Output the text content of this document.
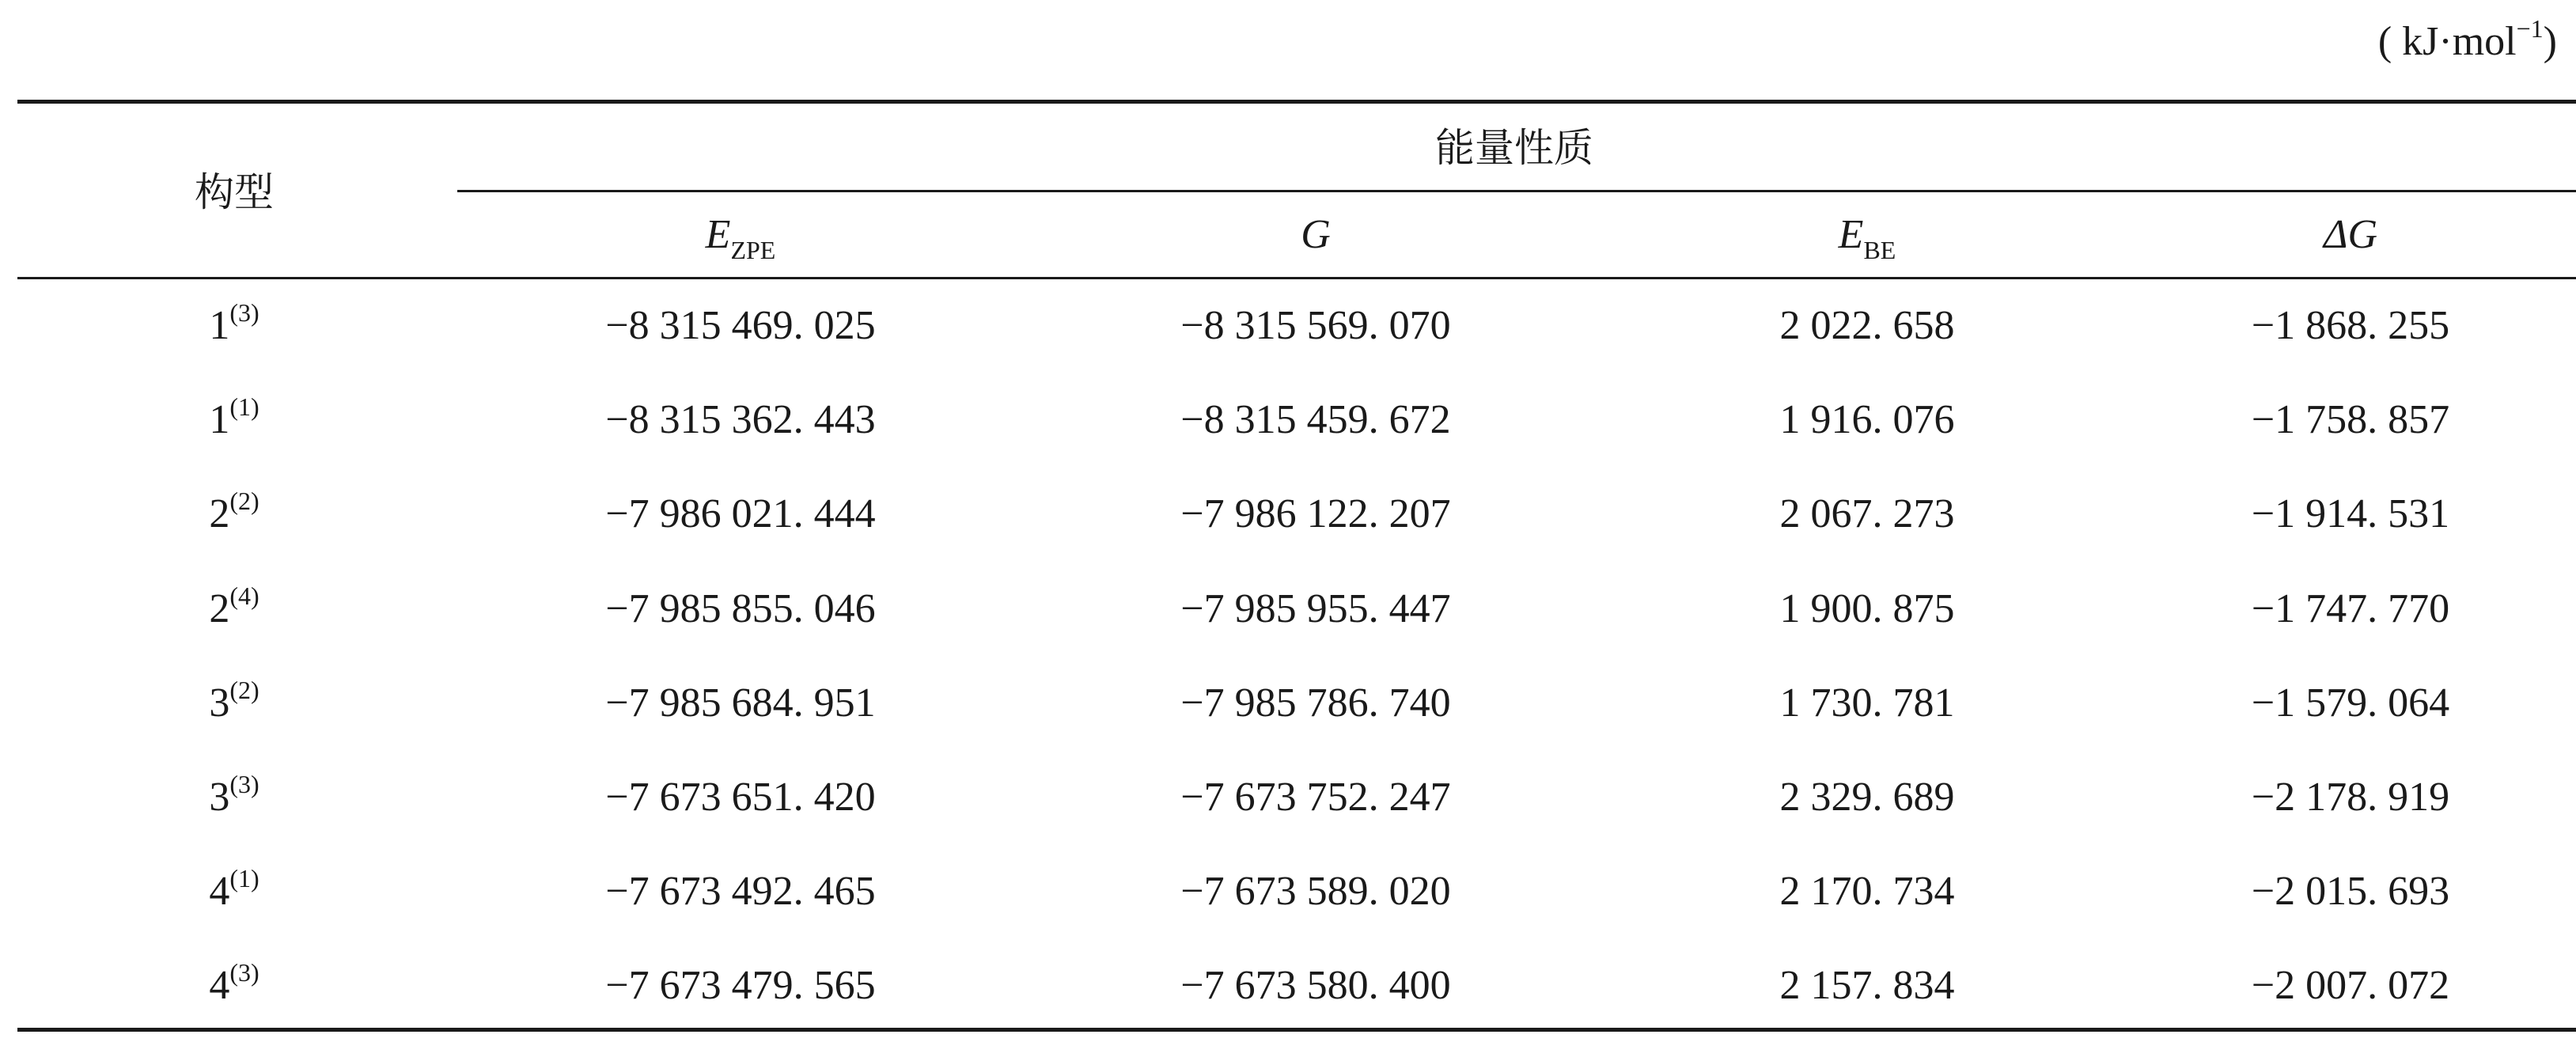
( kJ·mol$^{-1}$)
构型
能量性质
$E_{ZPE}$	G	$E_{BE}$	ΔG
$1^{(3)}$	−8 315 469. 025	−8 315 569. 070	2 022. 658	−1 868. 255
$1^{(1)}$	−8 315 362. 443	−8 315 459. 672	1 916. 076	−1 758. 857
$2^{(2)}$	−7 986 021. 444	−7 986 122. 207	2 067. 273	−1 914. 531
$2^{(4)}$	−7 985 855. 046	−7 985 955. 447	1 900. 875	−1 747. 770
$3^{(2)}$	−7 985 684. 951	−7 985 786. 740	1 730. 781	−1 579. 064
$3^{(3)}$	−7 673 651. 420	−7 673 752. 247	2 329. 689	−2 178. 919
$4^{(1)}$	−7 673 492. 465	−7 673 589. 020	2 170. 734	−2 015. 693
$4^{(3)}$	−7 673 479. 565	−7 673 580. 400	2 157. 834	−2 007. 072
